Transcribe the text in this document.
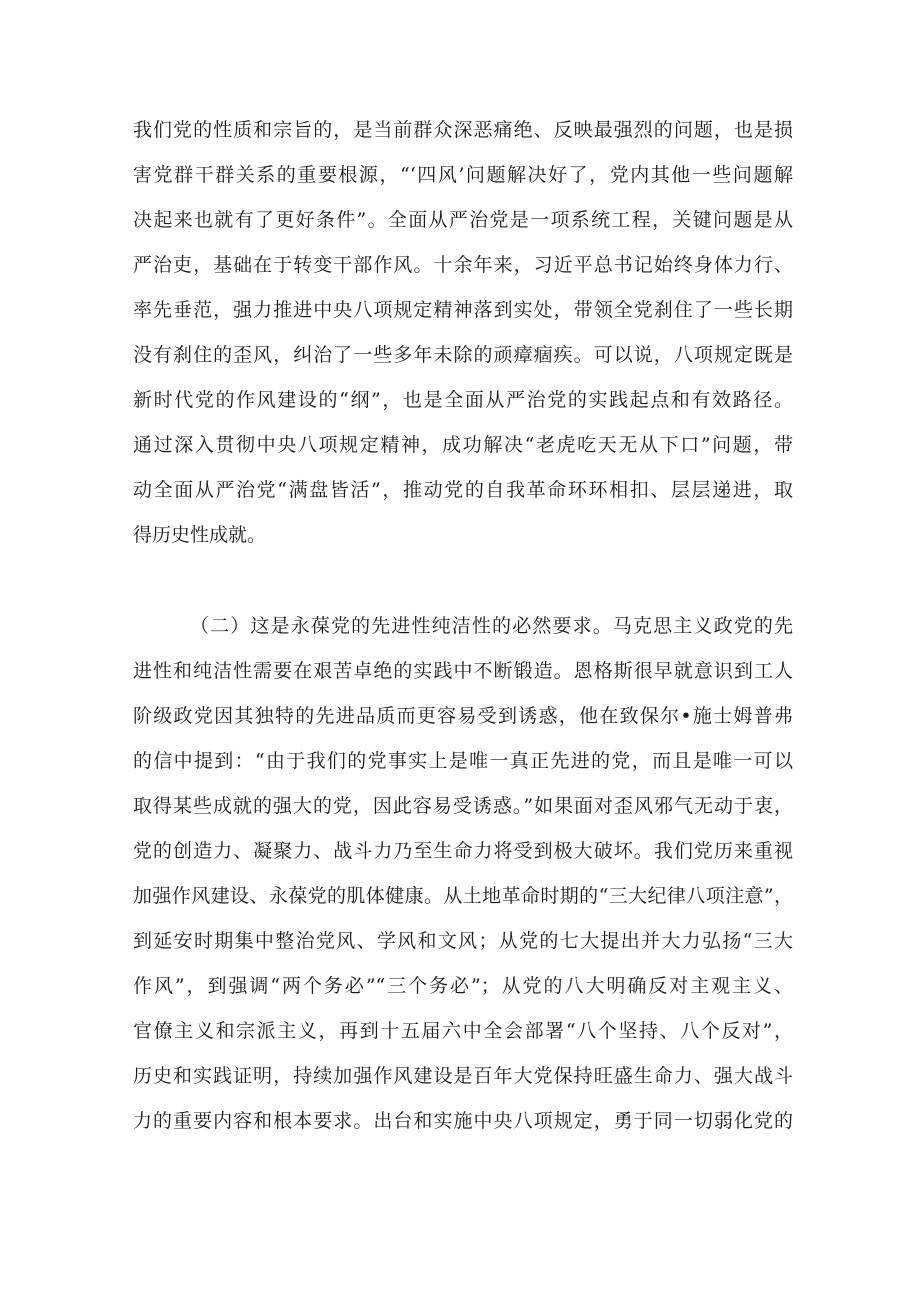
我们党的性质和宗旨的，是当前群众深恶痛绝、反映最强烈的问题，也是损
害党群干群关系的重要根源，“‘四风’问题解决好了，党内其他一些问题解
决起来也就有了更好条件”。全面从严治党是一项系统工程，关键问题是从
严治吏，基础在于转变干部作风。十余年来，习近平总书记始终身体力行、
率先垂范，强力推进中央八项规定精神落到实处，带领全党刹住了一些长期
没有刹住的歪风，纠治了一些多年未除的顽瘴痼疾。可以说，八项规定既是
新时代党的作风建设的“纲”，也是全面从严治党的实践起点和有效路径。
通过深入贯彻中央八项规定精神，成功解决“老虎吃天无从下口”问题，带
动全面从严治党“满盘皆活”，推动党的自我革命环环相扣、层层递进，取
得历史性成就。
（二）这是永葆党的先进性纯洁性的必然要求。马克思主义政党的先
进性和纯洁性需要在艰苦卓绝的实践中不断锻造。恩格斯很早就意识到工人
阶级政党因其独特的先进品质而更容易受到诱惑，他在致保尔•施士姆普弗
的信中提到：“由于我们的党事实上是唯一真正先进的党，而且是唯一可以
取得某些成就的强大的党，因此容易受诱惑。”如果面对歪风邪气无动于衷，
党的创造力、凝聚力、战斗力乃至生命力将受到极大破坏。我们党历来重视
加强作风建设、永葆党的肌体健康。从土地革命时期的“三大纪律八项注意”，
到延安时期集中整治党风、学风和文风；从党的七大提出并大力弘扬“三大
作风”，到强调“两个务必”“三个务必”；从党的八大明确反对主观主义、
官僚主义和宗派主义，再到十五届六中全会部署“八个坚持、八个反对”，
历史和实践证明，持续加强作风建设是百年大党保持旺盛生命力、强大战斗
力的重要内容和根本要求。出台和实施中央八项规定，勇于同一切弱化党的
